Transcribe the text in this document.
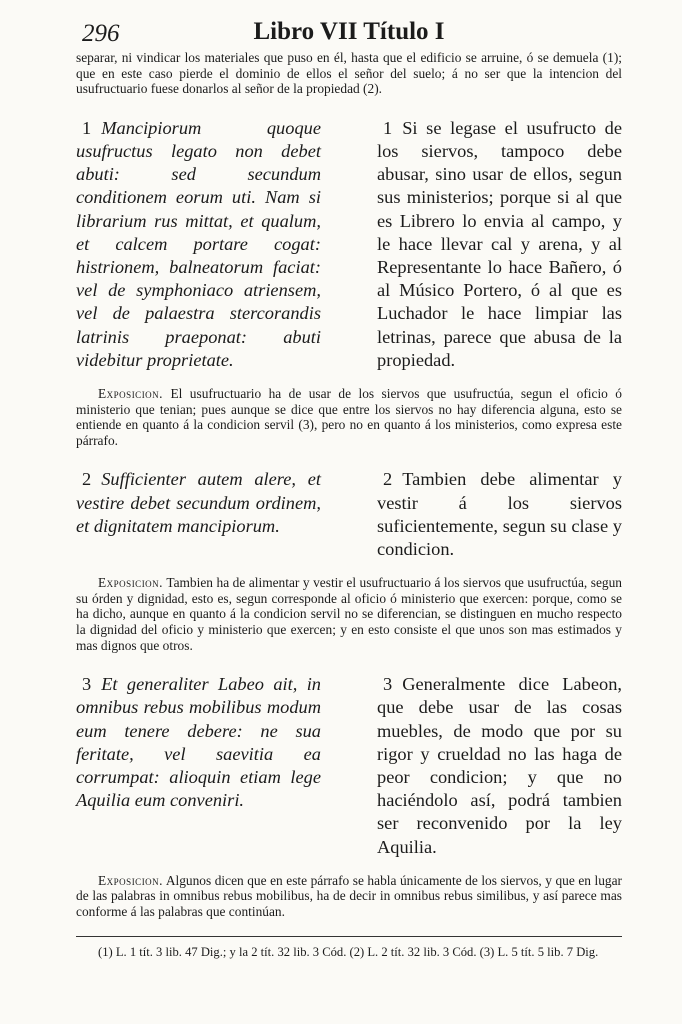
296	Libro VII Título I

separar, ni vindicar los materiales que puso en él, hasta que el edificio se arruine, ó se demuela (1); que en este caso pierde el dominio de ellos el señor del suelo; á no ser que la intencion del usufructuario fuese donarlos al señor de la propiedad (2).

1 Mancipiorum quoque usufructus legato non debet abuti: sed secundum conditionem eorum uti. Nam si librarium rus mittat, et qualum, et calcem portare cogat: histrionem, balneatorum faciat: vel de symphoniaco atriensem, vel de palaestra stercorandis latrinis praeponat: abuti videbitur proprietate.

1 Si se legase el usufructo de los siervos, tampoco debe abusar, sino usar de ellos, segun sus ministerios; porque si al que es Librero lo envia al campo, y le hace llevar cal y arena, y al Representante lo hace Bañero, ó al Músico Portero, ó al que es Luchador le hace limpiar las letrinas, parece que abusa de la propiedad.

Exposicion. El usufructuario ha de usar de los siervos que usufructúa, segun el oficio ó ministerio que tenian; pues aunque se dice que entre los siervos no hay diferencia alguna, esto se entiende en quanto á la condicion servil (3), pero no en quanto á los ministerios, como expresa este párrafo.

2 Sufficienter autem alere, et vestire debet secundum ordinem, et dignitatem mancipiorum.

2 Tambien debe alimentar y vestir á los siervos suficientemente, segun su clase y condicion.

Exposicion. Tambien ha de alimentar y vestir el usufructuario á los siervos que usufructúa, segun su órden y dignidad, esto es, segun corresponde al oficio ó ministerio que exercen: porque, como se ha dicho, aunque en quanto á la condicion servil no se diferencian, se distinguen en mucho respecto la dignidad del oficio y ministerio que exercen; y en esto consiste el que unos son mas estimados y mas dignos que otros.

3 Et generaliter Labeo ait, in omnibus rebus mobilibus modum eum tenere debere: ne sua feritate, vel saevitia ea corrumpat: alioquin etiam lege Aquilia eum conveniri.

3 Generalmente dice Labeon, que debe usar de las cosas muebles, de modo que por su rigor y crueldad no las haga de peor condicion; y que no haciéndolo así, podrá tambien ser reconvenido por la ley Aquilia.

Exposicion. Algunos dicen que en este párrafo se habla únicamente de los siervos, y que en lugar de las palabras in omnibus rebus mobilibus, ha de decir in omnibus rebus similibus, y así parece mas conforme á las palabras que continúan.

(1) L. 1 tít. 3 lib. 47 Dig.; y la 2 tít. 32 lib. 3 Cód. (2) L. 2 tít. 32 lib. 3 Cód. (3) L. 5 tít. 5 lib. 7 Dig.
